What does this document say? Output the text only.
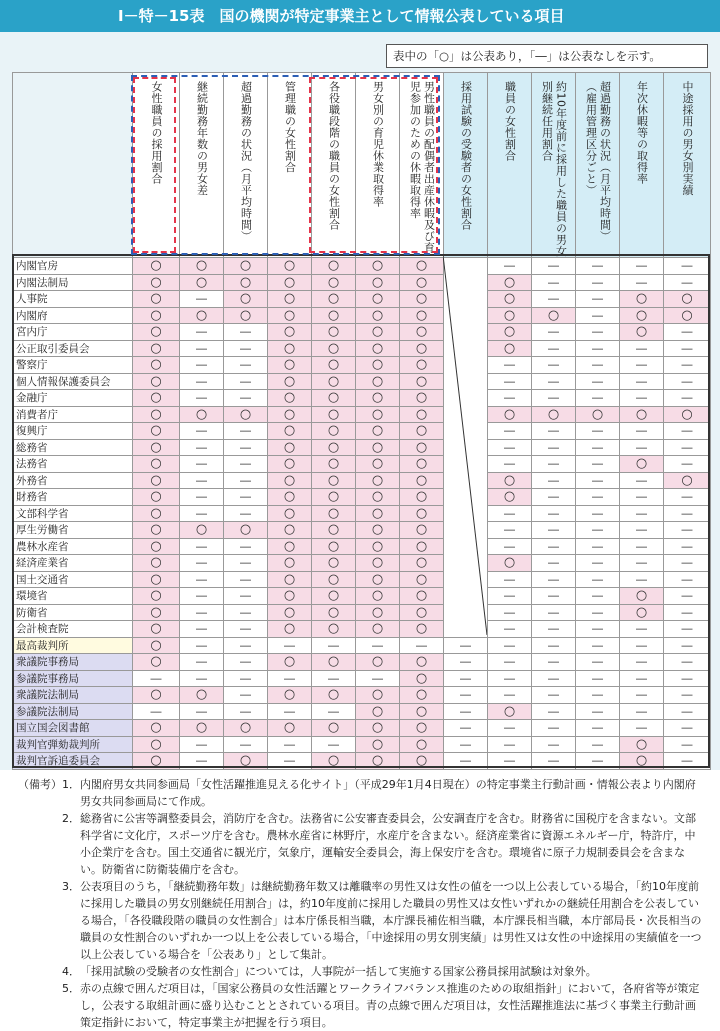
Ⅰ－特－15表　国の機関が特定事業主として情報公表している項目
表中の「○」は公表あり，「―」は公表なしを示す。

	女性職員の採用割合	継続勤務年数の男女差	超過勤務の状況（月平均時間）	管理職の女性割合	各役職段階の職員の女性割合	男女別の育児休業取得率	男性職員の配偶者出産休暇及び育児参加のための休暇取得率	採用試験の受験者の女性割合	職員の女性割合	約10年度前に採用した職員の男女別継続任用割合	超過勤務の状況（月平均時間）（雇用管理区分ごと）	年次休暇等の取得率	中途採用の男女別実績

内閣官房	○	○	○	○	○	○	○		―	―	―	―	―
内閣法制局	○	○	○	○	○	○	○		○	―	―	―	―
人事院	○	―	○	○	○	○	○		○	―	―	○	○
内閣府	○	○	○	○	○	○	○		○	○	―	○	○
宮内庁	○	―	―	○	○	○	○		○	―	―	○	―
公正取引委員会	○	―	―	○	○	○	○		○	―	―	―	―
警察庁	○	―	―	○	○	○	○		―	―	―	―	―
個人情報保護委員会	○	―	―	○	○	○	○		―	―	―	―	―
金融庁	○	―	―	○	○	○	○		―	―	―	―	―
消費者庁	○	○	○	○	○	○	○		○	○	○	○	○
復興庁	○	―	―	○	○	○	○		―	―	―	―	―
総務省	○	―	―	○	○	○	○		―	―	―	―	―
法務省	○	―	―	○	○	○	○		―	―	―	○	―
外務省	○	―	―	○	○	○	○		○	―	―	―	○
財務省	○	―	―	○	○	○	○		○	―	―	―	―
文部科学省	○	―	―	○	○	○	○		―	―	―	―	―
厚生労働省	○	○	○	○	○	○	○		―	―	―	―	―
農林水産省	○	―	―	○	○	○	○		―	―	―	―	―
経済産業省	○	―	―	○	○	○	○		○	―	―	―	―
国土交通省	○	―	―	○	○	○	○		―	―	―	―	―
環境省	○	―	―	○	○	○	○		―	―	―	○	―
防衛省	○	―	―	○	○	○	○		―	―	―	○	―
会計検査院	○	―	―	○	○	○	○		―	―	―	―	―
最高裁判所	○	―	―	―	―	―	―	―	―	―	―	―	―
衆議院事務局	○	―	―	○	○	○	○	―	―	―	―	―	―
参議院事務局	―	―	―	―	―	―	○	―	―	―	―	―	―
衆議院法制局	○	○	―	○	○	○	○	―	―	―	―	―	―
参議院法制局	―	―	―	―	―	○	○	―	○	―	―	―	―
国立国会図書館	○	○	○	○	○	○	○	―	―	―	―	―	―
裁判官弾劾裁判所	○	―	―	―	―	○	○	―	―	―	―	○	―
裁判官訴追委員会	○	―	○	―	○	○	○	―	―	―	―	○	―
（備考） 1． 内閣府男女共同参画局「女性活躍推進見える化サイト」（平成29年1月4日現在）の特定事業主行動計画・情報公表より内閣府男女共同参画局にて作成。
2． 総務省に公害等調整委員会，消防庁を含む。法務省に公安審査委員会，公安調査庁を含む。財務省に国税庁を含まない。文部科学省に文化庁，スポーツ庁を含む。農林水産省に林野庁，水産庁を含まない。経済産業省に資源エネルギー庁，特許庁，中小企業庁を含む。国土交通省に観光庁，気象庁，運輸安全委員会，海上保安庁を含む。環境省に原子力規制委員会を含まない。防衛省に防衛装備庁を含む。
3． 公表項目のうち，「継続勤務年数」は継続勤務年数又は離職率の男性又は女性の値を一つ以上公表している場合，「約10年度前に採用した職員の男女別継続任用割合」は，約10年度前に採用した職員の男性又は女性いずれかの継続任用割合を公表している場合，「各役職段階の職員の女性割合」は本庁係長相当職，本庁課長補佐相当職，本庁課長相当職，本庁部局長・次長相当の職員の女性割合のいずれか一つ以上を公表している場合，「中途採用の男女別実績」は男性又は女性の中途採用の実績値を一つ以上公表している場合を「公表あり」として集計。
4． 「採用試験の受験者の女性割合」については，人事院が一括して実施する国家公務員採用試験は対象外。
5． 赤の点線で囲んだ項目は，「国家公務員の女性活躍とワークライフバランス推進のための取組指針」において，各府省等が策定し，公表する取組計画に盛り込むこととされている項目。青の点線で囲んだ項目は，女性活躍推進法に基づく事業主行動計画策定指針において，特定事業主が把握を行う項目。
